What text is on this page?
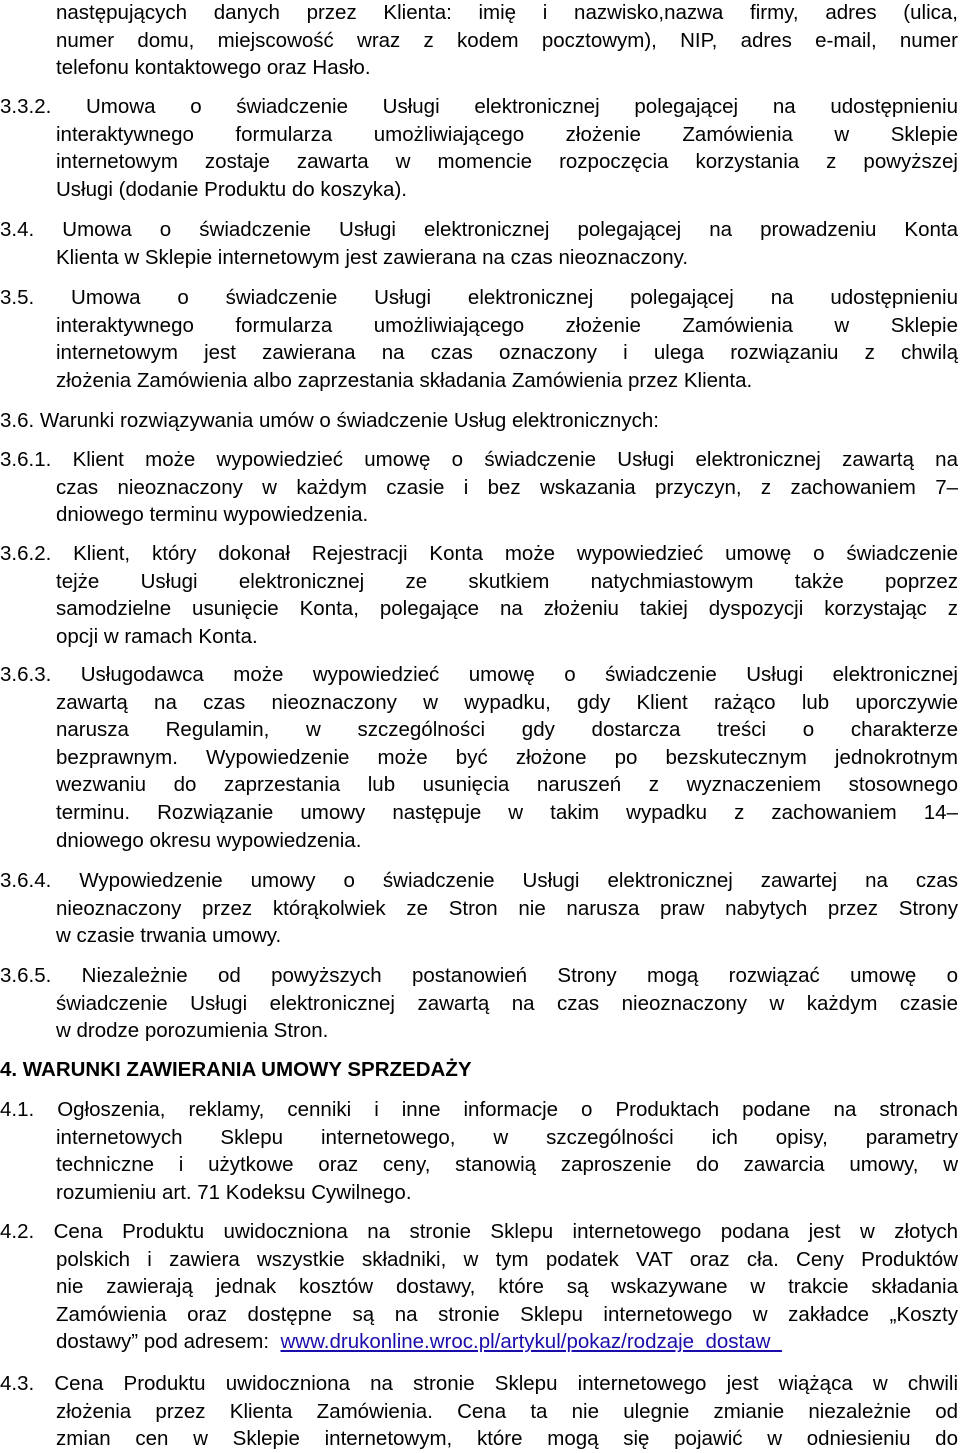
następujących danych przez Klienta: imię i nazwisko,nazwa firmy, adres (ulica,
numer domu, miejscowość wraz z kodem pocztowym), NIP, adres e-mail, numer
telefonu kontaktowego oraz Hasło.
3.3.2. Umowa o świadczenie Usługi elektronicznej polegającej na udostępnieniu
interaktywnego formularza umożliwiającego złożenie Zamówienia w Sklepie
internetowym zostaje zawarta w momencie rozpoczęcia korzystania z powyższej
Usługi (dodanie Produktu do koszyka).
3.4. Umowa o świadczenie Usługi elektronicznej polegającej na prowadzeniu Konta
Klienta w Sklepie internetowym jest zawierana na czas nieoznaczony.
3.5. Umowa o świadczenie Usługi elektronicznej polegającej na udostępnieniu
interaktywnego formularza umożliwiającego złożenie Zamówienia w Sklepie
internetowym jest zawierana na czas oznaczony i ulega rozwiązaniu z chwilą
złożenia Zamówienia albo zaprzestania składania Zamówienia przez Klienta.
3.6. Warunki rozwiązywania umów o świadczenie Usług elektronicznych:
3.6.1. Klient może wypowiedzieć umowę o świadczenie Usługi elektronicznej zawartą na
czas nieoznaczony w każdym czasie i bez wskazania przyczyn, z zachowaniem 7–
dniowego terminu wypowiedzenia.
3.6.2. Klient, który dokonał Rejestracji Konta może wypowiedzieć umowę o świadczenie
tejże Usługi elektronicznej ze skutkiem natychmiastowym także poprzez
samodzielne usunięcie Konta, polegające na złożeniu takiej dyspozycji korzystając z
opcji w ramach Konta.
3.6.3. Usługodawca może wypowiedzieć umowę o świadczenie Usługi elektronicznej
zawartą na czas nieoznaczony w wypadku, gdy Klient rażąco lub uporczywie
narusza Regulamin, w szczególności gdy dostarcza treści o charakterze
bezprawnym. Wypowiedzenie może być złożone po bezskutecznym jednokrotnym
wezwaniu do zaprzestania lub usunięcia naruszeń z wyznaczeniem stosownego
terminu. Rozwiązanie umowy następuje w takim wypadku z zachowaniem 14–
dniowego okresu wypowiedzenia.
3.6.4. Wypowiedzenie umowy o świadczenie Usługi elektronicznej zawartej na czas
nieoznaczony przez którąkolwiek ze Stron nie narusza praw nabytych przez Strony
w czasie trwania umowy.
3.6.5. Niezależnie od powyższych postanowień Strony mogą rozwiązać umowę o
świadczenie Usługi elektronicznej zawartą na czas nieoznaczony w każdym czasie
w drodze porozumienia Stron.
4. WARUNKI ZAWIERANIA UMOWY SPRZEDAŻY
4.1. Ogłoszenia, reklamy, cenniki i inne informacje o Produktach podane na stronach
internetowych Sklepu internetowego, w szczególności ich opisy, parametry
techniczne i użytkowe oraz ceny, stanowią zaproszenie do zawarcia umowy, w
rozumieniu art. 71 Kodeksu Cywilnego.
4.2. Cena Produktu uwidoczniona na stronie Sklepu internetowego podana jest w złotych
polskich i zawiera wszystkie składniki, w tym podatek VAT oraz cła. Ceny Produktów
nie zawierają jednak kosztów dostawy, które są wskazywane w trakcie składania
Zamówienia oraz dostępne są na stronie Sklepu internetowego w zakładce „Koszty
dostawy” pod adresem: www.drukonline.wroc.pl/artykul/pokaz/rodzaje_dostaw_
4.3. Cena Produktu uwidoczniona na stronie Sklepu internetowego jest wiążąca w chwili
złożenia przez Klienta Zamówienia. Cena ta nie ulegnie zmianie niezależnie od
zmian cen w Sklepie internetowym, które mogą się pojawić w odniesieniu do
